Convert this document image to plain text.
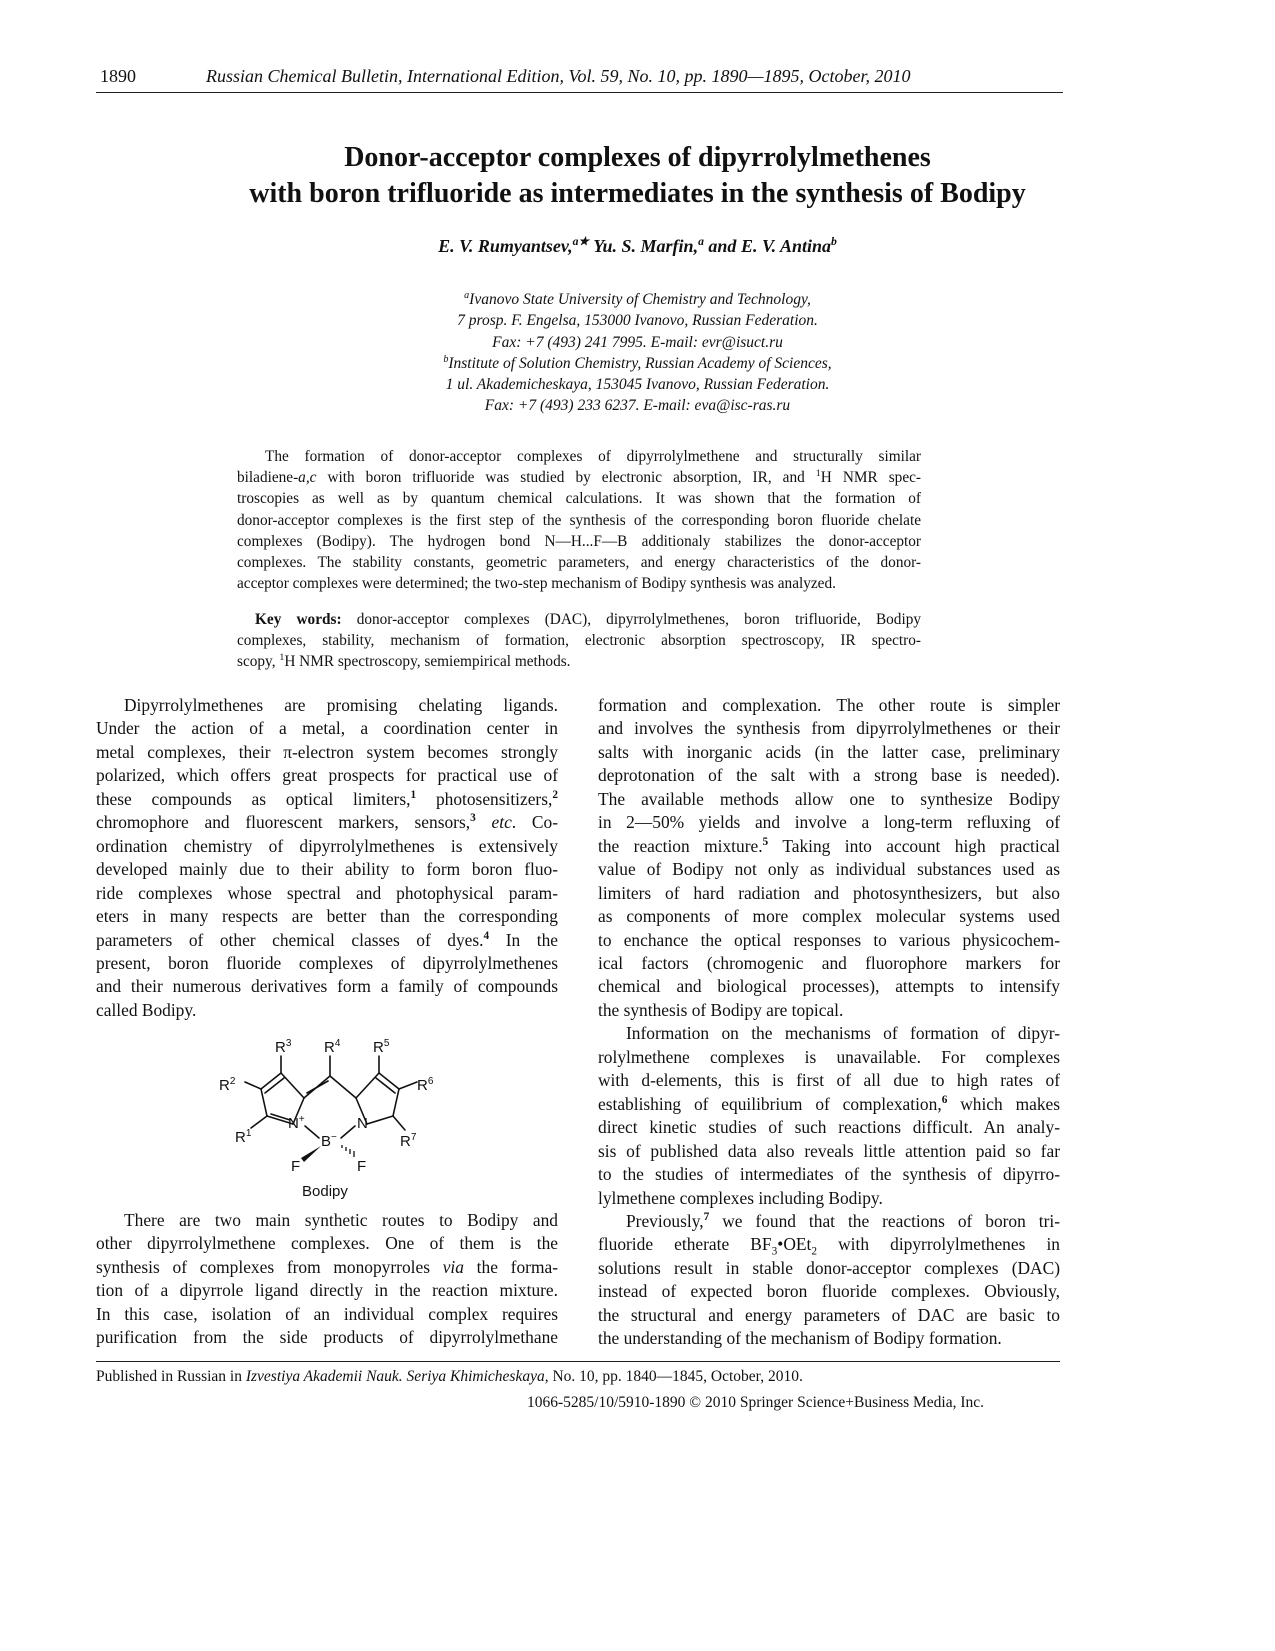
1890	Russian Chemical Bulletin, International Edition, Vol. 59, No. 10, pp. 1890—1895, October, 2010
Donor-acceptor complexes of dipyrrolylmethenes
with boron trifluoride as intermediates in the synthesis of Bodipy
E. V. Rumyantsev,$^{a★}$ Yu. S. Marfin,$^a$ and E. V. Antina$^b$
$^a$Ivanovo State University of Chemistry and Technology,
7 prosp. F. Engelsa, 153000 Ivanovo, Russian Federation.
Fax: +7 (493) 241 7995. E-mail: evr@isuct.ru
$^b$Institute of Solution Chemistry, Russian Academy of Sciences,
1 ul. Akademicheskaya, 153045 Ivanovo, Russian Federation.
Fax: +7 (493) 233 6237. E-mail: eva@isc-ras.ru
The formation of donor-acceptor complexes of dipyrrolylmethene and structurally similar
biladiene-a,c with boron trifluoride was studied by electronic absorption, IR, and $^1$H NMR spec-
troscopies as well as by quantum chemical calculations. It was shown that the formation of
donor-acceptor complexes is the first step of the synthesis of the corresponding boron fluoride chelate
complexes (Bodipy). The hydrogen bond N—H...F—B additionaly stabilizes the donor-acceptor
complexes. The stability constants, geometric parameters, and energy characteristics of the donor-
acceptor complexes were determined; the two-step mechanism of Bodipy synthesis was analyzed.
Key words: donor-acceptor complexes (DAC), dipyrrolylmethenes, boron trifluoride, Bodipy
complexes, stability, mechanism of formation, electronic absorption spectroscopy, IR spectro-
scopy, $^1$H NMR spectroscopy, semiempirical methods.
Dipyrrolylmethenes are promising chelating ligands.
Under the action of a metal, a coordination center in
metal complexes, their π-electron system becomes strongly
polarized, which offers great prospects for practical use of
these compounds as optical limiters,$^1$ photosensitizers,$^2$
chromophore and fluorescent markers, sensors,$^3$ etc. Co-
ordination chemistry of dipyrrolylmethenes is extensively
developed mainly due to their ability to form boron fluo-
ride complexes whose spectral and photophysical param-
eters in many respects are better than the corresponding
parameters of other chemical classes of dyes.$^4$ In the
present, boron fluoride complexes of dipyrrolylmethenes
and their numerous derivatives form a family of compounds
called Bodipy.
$R^3$ $R^4$ $R^5$
$R^2$	$R^6$
$R^1$	$R^7$
N+	N
B−
F	F
Bodipy
There are two main synthetic routes to Bodipy and
other dipyrrolylmethene complexes. One of them is the
synthesis of complexes from monopyrroles via the forma-
tion of a dipyrrole ligand directly in the reaction mixture.
In this case, isolation of an individual complex requires
purification from the side products of dipyrrolylmethane
formation and complexation. The other route is simpler
and involves the synthesis from dipyrrolylmethenes or their
salts with inorganic acids (in the latter case, preliminary
deprotonation of the salt with a strong base is needed).
The available methods allow one to synthesize Bodipy
in 2—50% yields and involve a long-term refluxing of
the reaction mixture.$^5$ Taking into account high practical
value of Bodipy not only as individual substances used as
limiters of hard radiation and photosynthesizers, but also
as components of more complex molecular systems used
to enchance the optical responses to various physicochem-
ical factors (chromogenic and fluorophore markers for
chemical and biological processes), attempts to intensify
the synthesis of Bodipy are topical.
Information on the mechanisms of formation of dipyr-
rolylmethene complexes is unavailable. For complexes
with d-elements, this is first of all due to high rates of
establishing of equilibrium of complexation,$^6$ which makes
direct kinetic studies of such reactions difficult. An analy-
sis of published data also reveals little attention paid so far
to the studies of intermediates of the synthesis of dipyrro-
lylmethene complexes including Bodipy.
Previously,$^7$ we found that the reactions of boron tri-
fluoride etherate $BF_3•OEt_2$ with dipyrrolylmethenes in
solutions result in stable donor-acceptor complexes (DAC)
instead of expected boron fluoride complexes. Obviously,
the structural and energy parameters of DAC are basic to
the understanding of the mechanism of Bodipy formation.
Published in Russian in Izvestiya Akademii Nauk. Seriya Khimicheskaya, No. 10, pp. 1840—1845, October, 2010.
1066-5285/10/5910-1890 © 2010 Springer Science+Business Media, Inc.
